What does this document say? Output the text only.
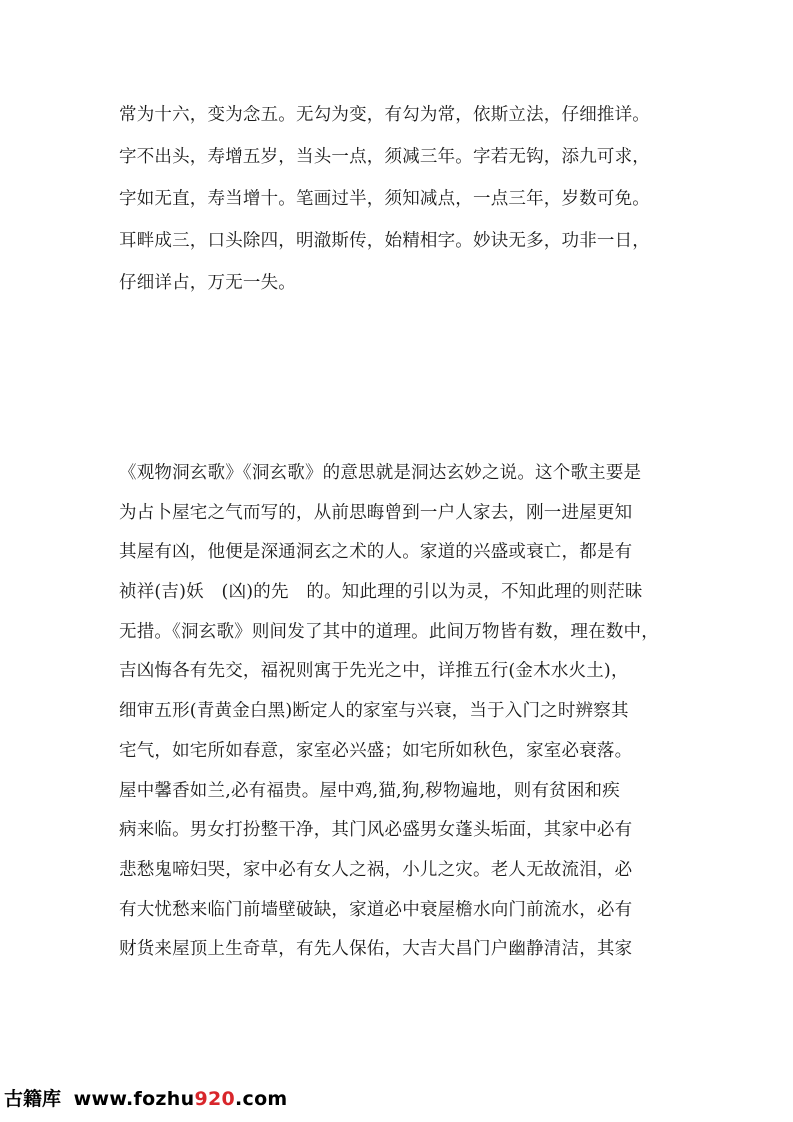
常为十六，变为念五。无勾为变，有勾为常，依斯立法，仔细推详。
字不出头，寿增五岁，当头一点，须减三年。字若无钩，添九可求，
字如无直，寿当增十。笔画过半，须知减点，一点三年，岁数可免。
耳畔成三，口头除四，明澈斯传，始精相字。妙诀无多，功非一日，
仔细详占，万无一失。
《观物洞玄歌》《洞玄歌》的意思就是洞达玄妙之说。这个歌主要是
为占卜屋宅之气而写的，从前思晦曾到一户人家去，刚一进屋更知
其屋有凶，他便是深通洞玄之术的人。家道的兴盛或衰亡，都是有
祯祥(吉)妖　(凶)的先　的。知此理的引以为灵，不知此理的则茫昧
无措。《洞玄歌》则间发了其中的道理。此间万物皆有数，理在数中，
吉凶悔各有先交，福祝则寓于先光之中，详推五行(金木水火土)，
细审五形(青黄金白黑)断定人的家室与兴衰，当于入门之时辨察其
宅气，如宅所如春意，家室必兴盛；如宅所如秋色，家室必衰落。
屋中馨香如兰,必有福贵。屋中鸡,猫,狗,秽物遍地，则有贫困和疾
病来临。男女打扮整干净，其门风必盛男女蓬头垢面，其家中必有
悲愁鬼啼妇哭，家中必有女人之祸，小儿之灾。老人无故流泪，必
有大忧愁来临门前墙壁破缺，家道必中衰屋檐水向门前流水，必有
财货来屋顶上生奇草，有先人保佑，大吉大昌门户幽静清洁，其家
古籍库 www.fozhu920.com
